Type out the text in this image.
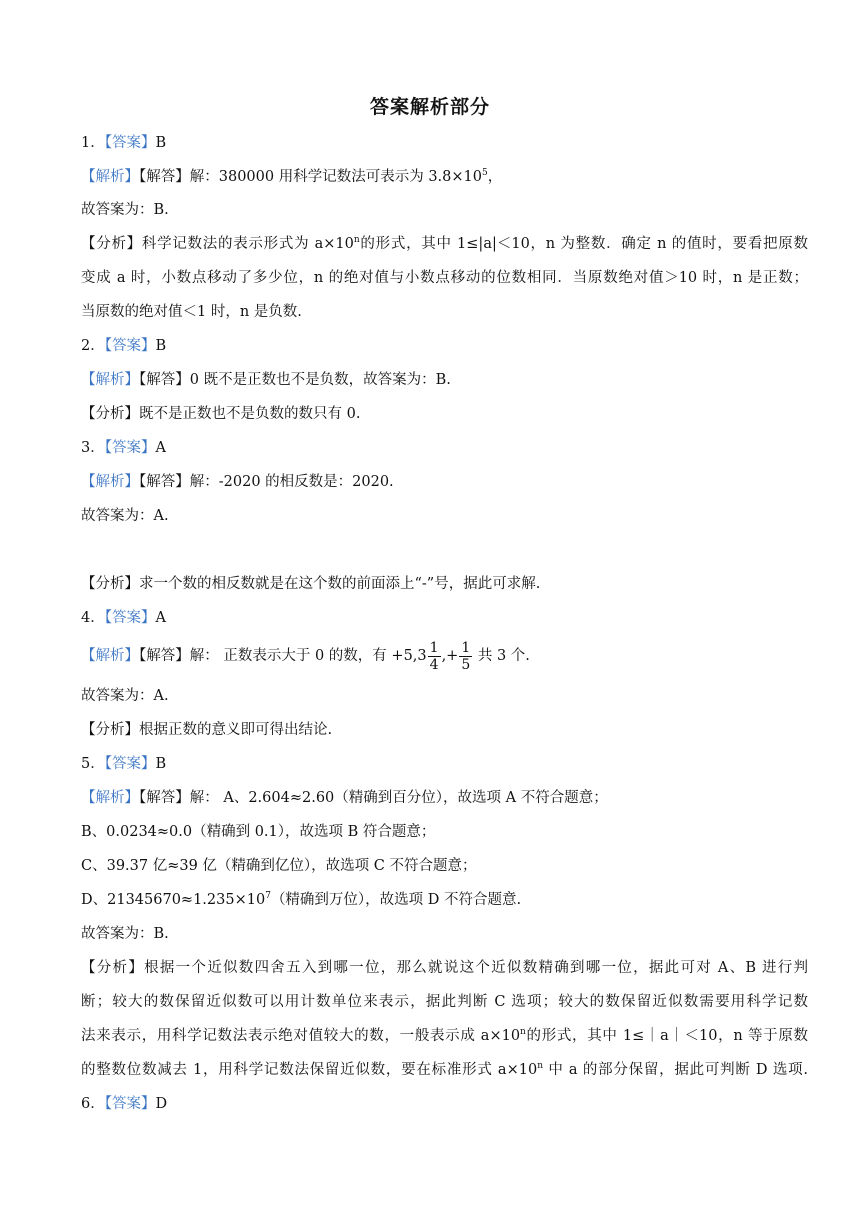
答案解析部分
1．【答案】B
【解析】【解答】解：380000 用科学记数法可表示为 $3.8\times 10^5$，
故答案为：B.
【分析】科学记数法的表示形式为 $a\times 10^n$的形式，其中 1≤|a|＜10，n 为整数．确定 n 的值时，要看把原数
变成 a 时，小数点移动了多少位，n 的绝对值与小数点移动的位数相同．当原数绝对值＞10 时，n 是正数；
当原数的绝对值＜1 时，n 是负数.
2．【答案】B
【解析】【解答】0 既不是正数也不是负数，故答案为：B.
【分析】既不是正数也不是负数的数只有 0.
3．【答案】A
【解析】【解答】解：-2020 的相反数是：2020.
故答案为：A.
【分析】求一个数的相反数就是在这个数的前面添上“-”号，据此可求解.
4．【答案】A
【解析】【解答】解： 正数表示大于 0 的数，有 $+5,3 \frac{1}{4}$ ,+ $\frac{1}{5}$ 共 3 个.
故答案为：A.
【分析】根据正数的意义即可得出结论.
5．【答案】B
【解析】【解答】解： A、2.604≈2.60（精确到百分位），故选项 A 不符合题意；
B、0.0234≈0.0（精确到 0.1），故选项 B 符合题意；
C、39.37 亿≈39 亿（精确到亿位），故选项 C 不符合题意；
D、$21345670\approx 1.235\times 10^7$（精确到万位），故选项 D 不符合题意.
故答案为：B.
【分析】根据一个近似数四舍五入到哪一位，那么就说这个近似数精确到哪一位，据此可对 A、B 进行判
断；较大的数保留近似数可以用计数单位来表示，据此判断 C 选项；较大的数保留近似数需要用科学记数
法来表示，用科学记数法表示绝对值较大的数，一般表示成 $a\times 10^n$的形式，其中 1≤｜a｜＜10，n 等于原数
的整数位数减去 1，用科学记数法保留近似数，要在标准形式 $a\times 10^n$ 中 a 的部分保留，据此可判断 D 选项.
6．【答案】D
